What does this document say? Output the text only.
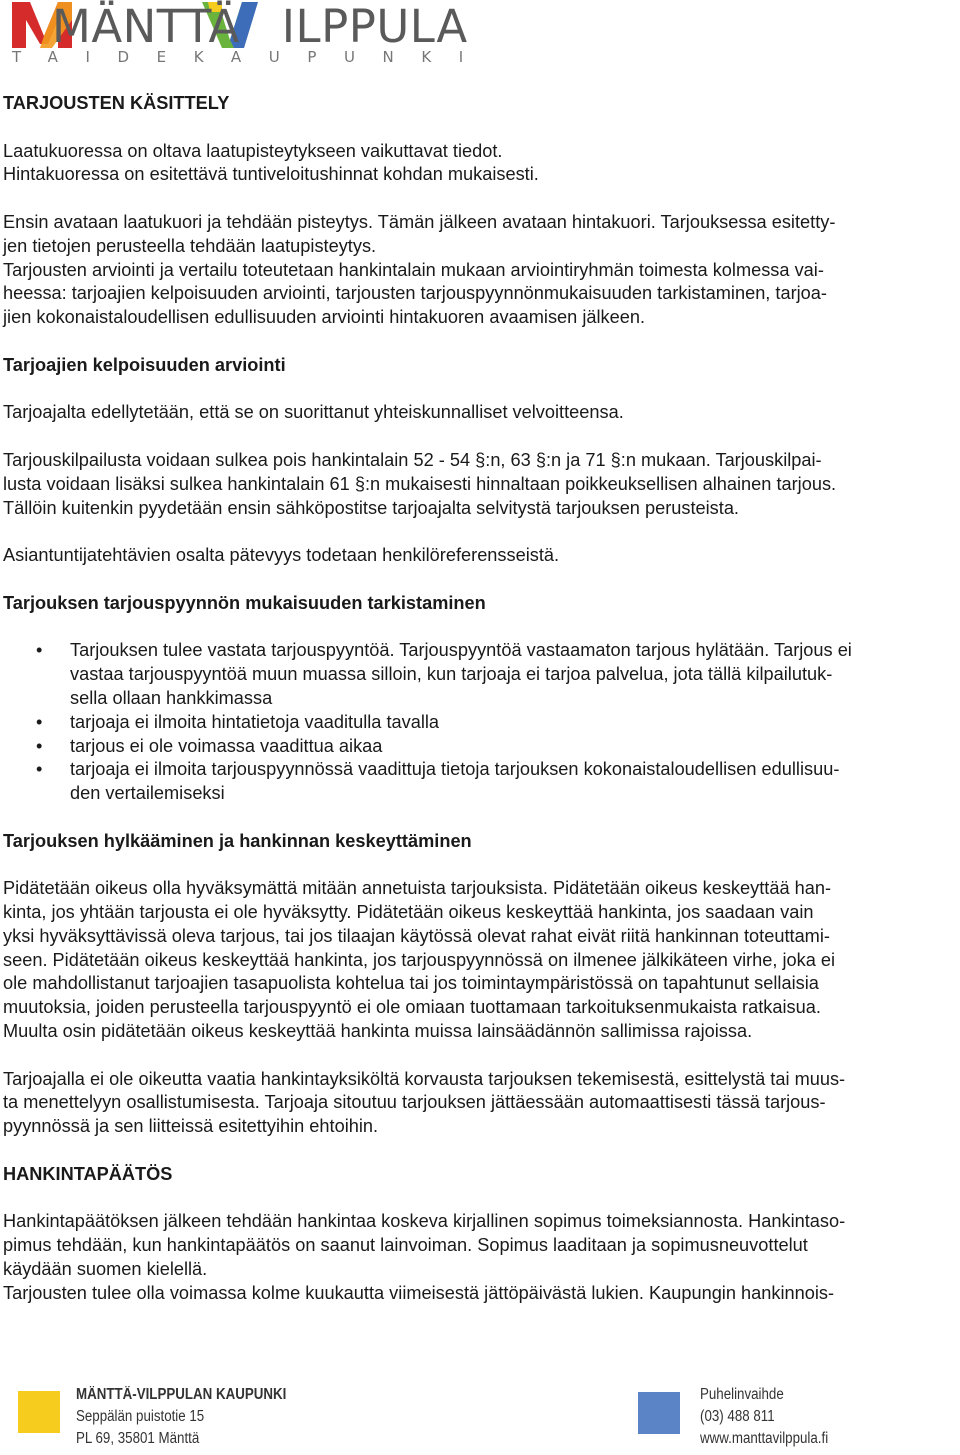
MÄNTTÄ ILPPULA
TAIDEKAUPUNKI
TARJOUSTEN KÄSITTELY

Laatukuoressa on oltava laatupisteytykseen vaikuttavat tiedot.

Hintakuoressa on esitettävä tuntiveloitushinnat kohdan mukaisesti.

Ensin avataan laatukuori ja tehdään pisteytys. Tämän jälkeen avataan hintakuori. Tarjouksessa esitetty-

jen tietojen perusteella tehdään laatupisteytys.

Tarjousten arviointi ja vertailu toteutetaan hankintalain mukaan arviointiryhmän toimesta kolmessa vai-

heessa: tarjoajien kelpoisuuden arviointi, tarjousten tarjouspyynnönmukaisuuden tarkistaminen, tarjoa-

jien kokonaistaloudellisen edullisuuden arviointi hintakuoren avaamisen jälkeen.

Tarjoajien kelpoisuuden arviointi

Tarjoajalta edellytetään, että se on suorittanut yhteiskunnalliset velvoitteensa.

Tarjouskilpailusta voidaan sulkea pois hankintalain 52 - 54 §:n, 63 §:n ja 71 §:n mukaan. Tarjouskilpai-

lusta voidaan lisäksi sulkea hankintalain 61 §:n mukaisesti hinnaltaan poikkeuksellisen alhainen tarjous.

Tällöin kuitenkin pyydetään ensin sähköpostitse tarjoajalta selvitystä tarjouksen perusteista.

Asiantuntijatehtävien osalta pätevyys todetaan henkilöreferensseistä.

Tarjouksen tarjouspyynnön mukaisuuden tarkistaminen
• Tarjouksen tulee vastata tarjouspyyntöä. Tarjouspyyntöä vastaamaton tarjous hylätään. Tarjous ei
vastaa tarjouspyyntöä muun muassa silloin, kun tarjoaja ei tarjoa palvelua, jota tällä kilpailutuk-
sella ollaan hankkimassa
• tarjoaja ei ilmoita hintatietoja vaaditulla tavalla
• tarjous ei ole voimassa vaadittua aikaa
• tarjoaja ei ilmoita tarjouspyynnössä vaadittuja tietoja tarjouksen kokonaistaloudellisen edullisuu-
den vertailemiseksi
Tarjouksen hylkääminen ja hankinnan keskeyttäminen

Pidätetään oikeus olla hyväksymättä mitään annetuista tarjouksista. Pidätetään oikeus keskeyttää han-

kinta, jos yhtään tarjousta ei ole hyväksytty. Pidätetään oikeus keskeyttää hankinta, jos saadaan vain

yksi hyväksyttävissä oleva tarjous, tai jos tilaajan käytössä olevat rahat eivät riitä hankinnan toteuttami-

seen. Pidätetään oikeus keskeyttää hankinta, jos tarjouspyynnössä on ilmenee jälkikäteen virhe, joka ei

ole mahdollistanut tarjoajien tasapuolista kohtelua tai jos toimintaympäristössä on tapahtunut sellaisia

muutoksia, joiden perusteella tarjouspyyntö ei ole omiaan tuottamaan tarkoituksenmukaista ratkaisua.

Muulta osin pidätetään oikeus keskeyttää hankinta muissa lainsäädännön sallimissa rajoissa.

Tarjoajalla ei ole oikeutta vaatia hankintayksiköltä korvausta tarjouksen tekemisestä, esittelystä tai muus-

ta menettelyyn osallistumisesta. Tarjoaja sitoutuu tarjouksen jättäessään automaattisesti tässä tarjous-

pyynnössä ja sen liitteissä esitettyihin ehtoihin.

HANKINTAPÄÄTÖS

Hankintapäätöksen jälkeen tehdään hankintaa koskeva kirjallinen sopimus toimeksiannosta. Hankintaso-

pimus tehdään, kun hankintapäätös on saanut lainvoiman. Sopimus laaditaan ja sopimusneuvottelut

käydään suomen kielellä.

Tarjousten tulee olla voimassa kolme kuukautta viimeisestä jättöpäivästä lukien. Kaupungin hankinnois-

MÄNTTÄ-VILPPULAN KAUPUNKI
Seppälän puistotie 15
PL 69, 35801 Mänttä
Puhelinvaihde
(03) 488 811
www.manttavilppula.fi
